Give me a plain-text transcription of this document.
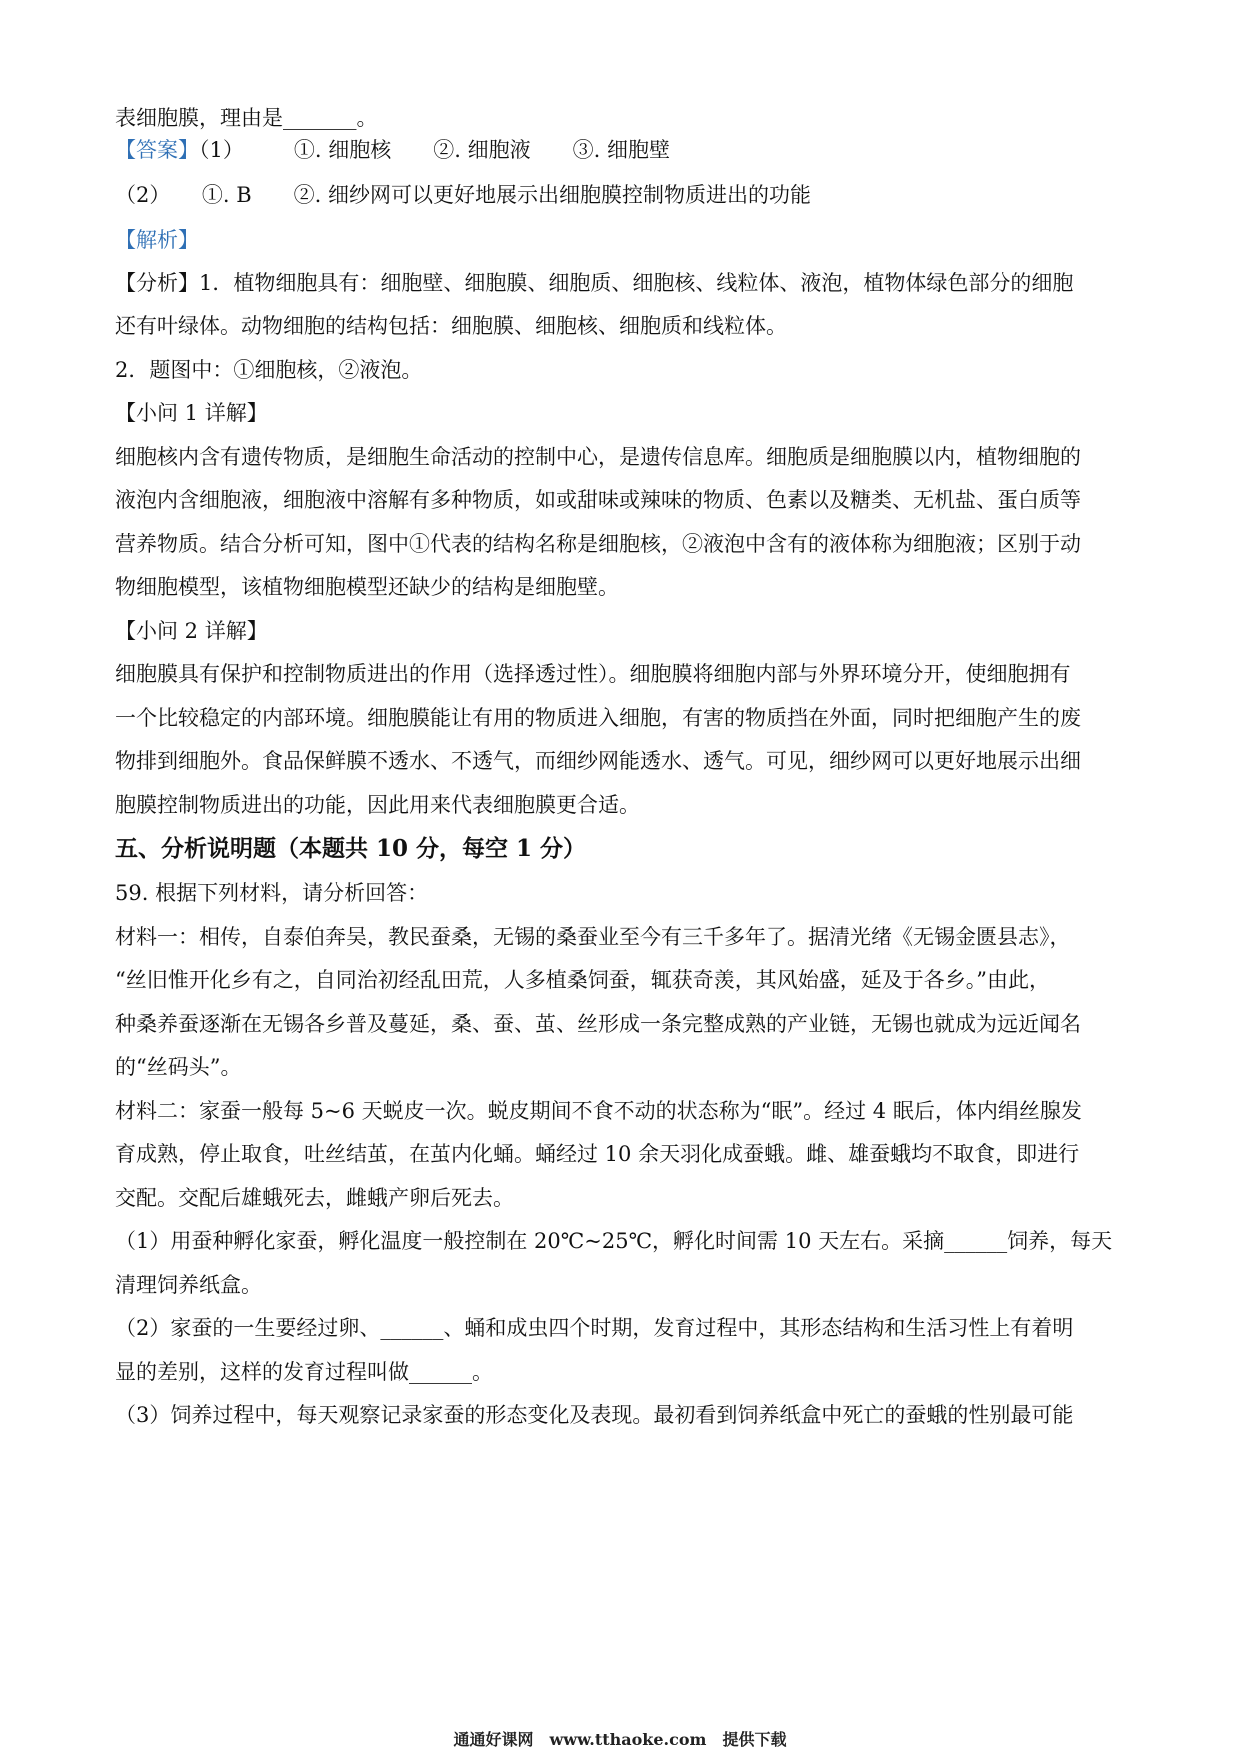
表细胞膜，理由是_______。
【答案】（1） ①. 细胞核 ②. 细胞液 ③. 细胞壁
（2）　　①. B　　②. 细纱网可以更好地展示出细胞膜控制物质进出的功能
【解析】
【分析】1．植物细胞具有：细胞壁、细胞膜、细胞质、细胞核、线粒体、液泡，植物体绿色部分的细胞
还有叶绿体。动物细胞的结构包括：细胞膜、细胞核、细胞质和线粒体。
2．题图中：①细胞核，②液泡。
【小问 1 详解】
细胞核内含有遗传物质，是细胞生命活动的控制中心，是遗传信息库。细胞质是细胞膜以内，植物细胞的
液泡内含细胞液，细胞液中溶解有多种物质，如或甜味或辣味的物质、色素以及糖类、无机盐、蛋白质等
营养物质。结合分析可知，图中①代表的结构名称是细胞核，②液泡中含有的液体称为细胞液；区别于动
物细胞模型，该植物细胞模型还缺少的结构是细胞壁。
【小问 2 详解】
细胞膜具有保护和控制物质进出的作用（选择透过性）。细胞膜将细胞内部与外界环境分开，使细胞拥有
一个比较稳定的内部环境。细胞膜能让有用的物质进入细胞，有害的物质挡在外面，同时把细胞产生的废
物排到细胞外。食品保鲜膜不透水、不透气，而细纱网能透水、透气。可见，细纱网可以更好地展示出细
胞膜控制物质进出的功能，因此用来代表细胞膜更合适。
五、分析说明题（本题共 10 分，每空 1 分）
59. 根据下列材料，请分析回答：
材料一：相传，自泰伯奔吴，教民蚕桑，无锡的桑蚕业至今有三千多年了。据清光绪《无锡金匮县志》，
“丝旧惟开化乡有之，自同治初经乱田荒，人多植桑饲蚕，辄获奇羡，其风始盛，延及于各乡。”由此，
种桑养蚕逐渐在无锡各乡普及蔓延，桑、蚕、茧、丝形成一条完整成熟的产业链，无锡也就成为远近闻名
的“丝码头”。
材料二：家蚕一般每 5~6 天蜕皮一次。蜕皮期间不食不动的状态称为“眠”。经过 4 眠后，体内绢丝腺发
育成熟，停止取食，吐丝结茧，在茧内化蛹。蛹经过 10 余天羽化成蚕蛾。雌、雄蚕蛾均不取食，即进行
交配。交配后雄蛾死去，雌蛾产卵后死去。
（1）用蚕种孵化家蚕，孵化温度一般控制在 20℃~25℃，孵化时间需 10 天左右。采摘______饲养，每天
清理饲养纸盒。
（2）家蚕的一生要经过卵、______、蛹和成虫四个时期，发育过程中，其形态结构和生活习性上有着明
显的差别，这样的发育过程叫做______。
（3）饲养过程中，每天观察记录家蚕的形态变化及表现。最初看到饲养纸盒中死亡的蚕蛾的性别最可能
通通好课网　www.tthaoke.com　提供下载
